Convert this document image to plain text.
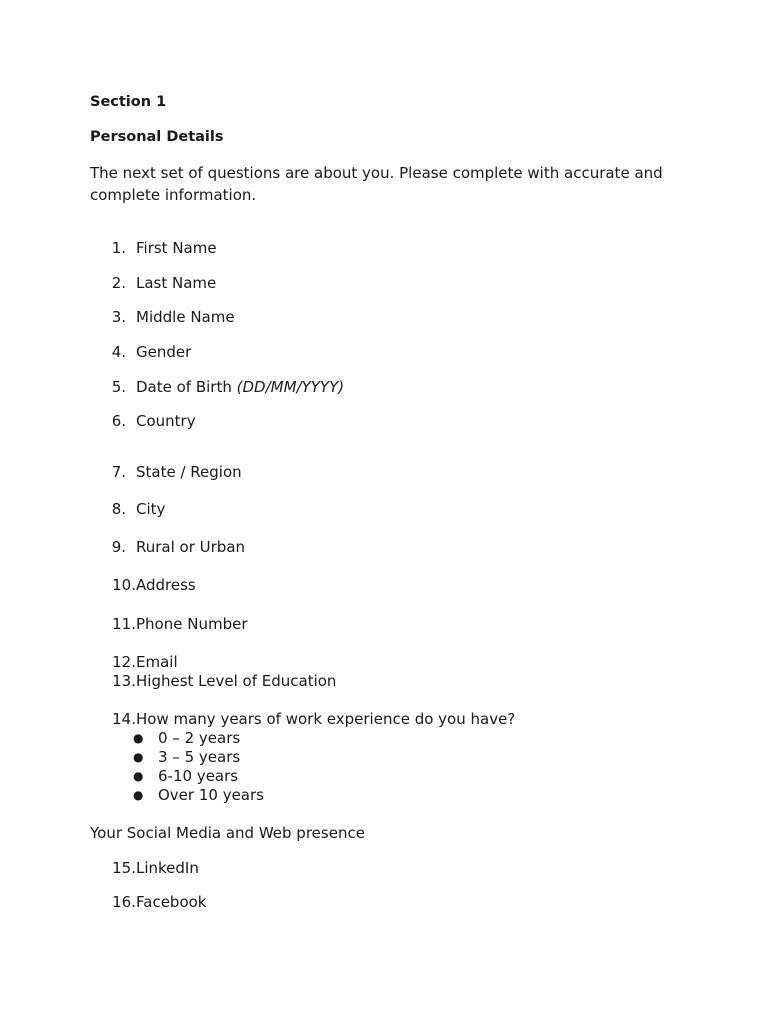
Section 1
Personal Details
The next set of questions are about you. Please complete with accurate and complete information.
1. First Name
2. Last Name
3. Middle Name
4. Gender
5. Date of Birth (DD/MM/YYYY)
6. Country
7. State / Region
8. City
9. Rural or Urban
10. Address
11. Phone Number
12. Email
13. Highest Level of Education
14. How many years of work experience do you have?
● 0 – 2 years
● 3 – 5 years
● 6-10 years
● Over 10 years
Your Social Media and Web presence
15. LinkedIn
16. Facebook
